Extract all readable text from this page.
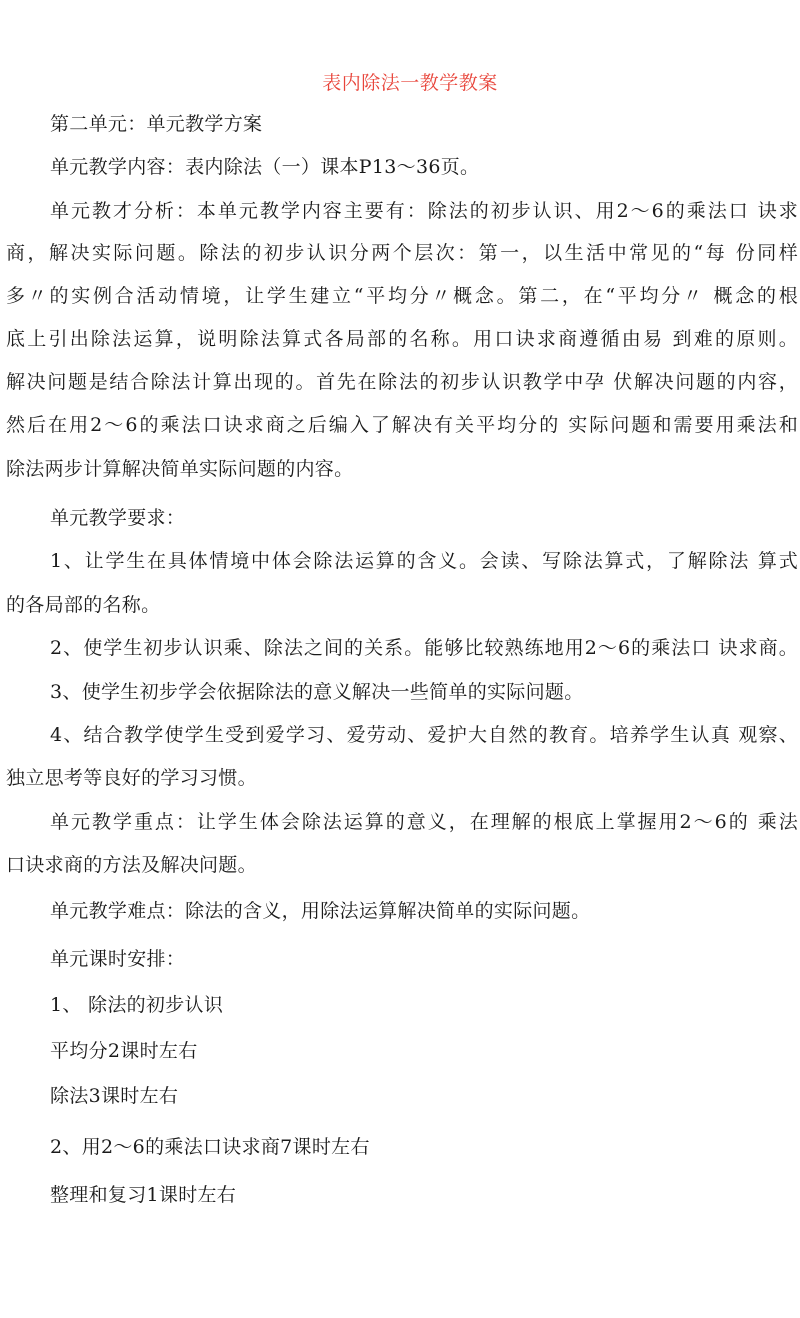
表内除法一教学教案
第二单元：单元教学方案
单元教学内容：表内除法（一）课本P13〜36页。
单元教才分析：本单元教学内容主要有：除法的初步认识、用2〜6的乘法口 诀求
商，解决实际问题。除法的初步认识分两个层次：第一，以生活中常见的“每 份同样
多〃的实例合活动情境，让学生建立“平均分〃概念。第二，在“平均分〃 概念的根
底上引出除法运算，说明除法算式各局部的名称。用口诀求商遵循由易 到难的原则。
解决问题是结合除法计算出现的。首先在除法的初步认识教学中孕 伏解决问题的内容，
然后在用2〜6的乘法口诀求商之后编入了解决有关平均分的 实际问题和需要用乘法和
除法两步计算解决简单实际问题的内容。
单元教学要求：
1、让学生在具体情境中体会除法运算的含义。会读、写除法算式，了解除法 算式
的各局部的名称。
2、使学生初步认识乘、除法之间的关系。能够比较熟练地用2〜6的乘法口 诀求商。
3、使学生初步学会依据除法的意义解决一些简单的实际问题。
4、结合教学使学生受到爱学习、爱劳动、爱护大自然的教育。培养学生认真 观察、
独立思考等良好的学习习惯。
单元教学重点：让学生体会除法运算的意义，在理解的根底上掌握用2〜6的 乘法
口诀求商的方法及解决问题。
单元教学难点：除法的含义，用除法运算解决简单的实际问题。
单元课时安排：
1、 除法的初步认识
平均分2课时左右
除法3课时左右
2、用2〜6的乘法口诀求商7课时左右
整理和复习1课时左右
